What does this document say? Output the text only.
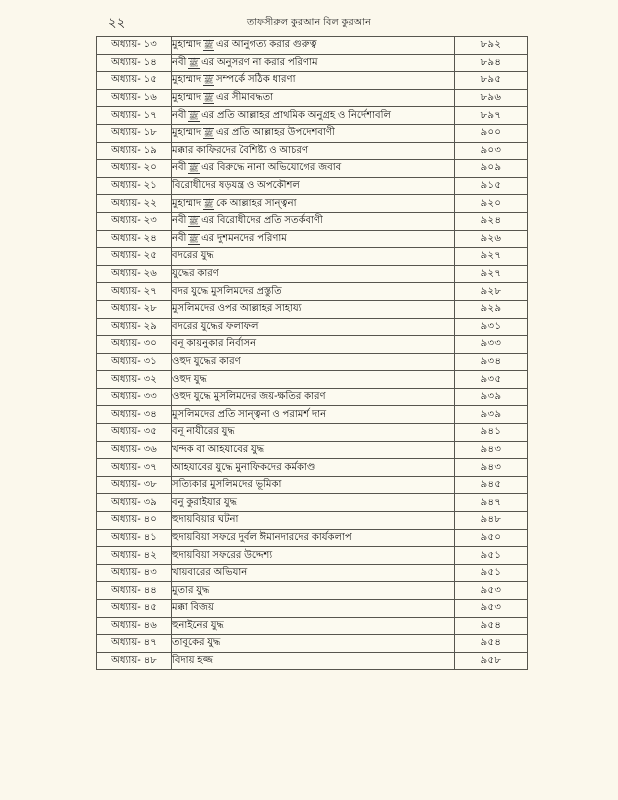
২২	তাফসীরুল কুরআন বিল কুরআন
অধ্যায়- ১৩	মুহাম্মাদ ﷺ এর আনুগত্য করার গুরুত্ব	৮৯২
অধ্যায়- ১৪	নবী ﷺ এর অনুসরণ না করার পরিণাম	৮৯৪
অধ্যায়- ১৫	মুহাম্মাদ ﷺ সম্পর্কে সঠিক ধারণা	৮৯৫
অধ্যায়- ১৬	মুহাম্মাদ ﷺ এর সীমাবদ্ধতা	৮৯৬
অধ্যায়- ১৭	নবী ﷺ এর প্রতি আল্লাহর প্রাথমিক অনুগ্রহ ও নির্দেশাবলি	৮৯৭
অধ্যায়- ১৮	মুহাম্মাদ ﷺ এর প্রতি আল্লাহর উপদেশবাণী	৯০০
অধ্যায়- ১৯	মক্কার কাফিরদের বৈশিষ্ট্য ও আচরণ	৯০৩
অধ্যায়- ২০	নবী ﷺ এর বিরুদ্ধে নানা অভিযোগের জবাব	৯০৯
অধ্যায়- ২১	বিরোধীদের ষড়যন্ত্র ও অপকৌশল	৯১৫
অধ্যায়- ২২	মুহাম্মাদ ﷺ কে আল্লাহর সান্ত্বনা	৯২০
অধ্যায়- ২৩	নবী ﷺ এর বিরোধীদের প্রতি সতর্কবাণী	৯২৪
অধ্যায়- ২৪	নবী ﷺ এর দুশমনদের পরিণাম	৯২৬
অধ্যায়- ২৫	বদরের যুদ্ধ	৯২৭
অধ্যায়- ২৬	যুদ্ধের কারণ	৯২৭
অধ্যায়- ২৭	বদর যুদ্ধে মুসলিমদের প্রস্তুতি	৯২৮
অধ্যায়- ২৮	মুসলিমদের ওপর আল্লাহর সাহায্য	৯২৯
অধ্যায়- ২৯	বদরের যুদ্ধের ফলাফল	৯৩১
অধ্যায়- ৩০	বনূ কায়নুকার নির্বাসন	৯৩৩
অধ্যায়- ৩১	ওহুদ যুদ্ধের কারণ	৯৩৪
অধ্যায়- ৩২	ওহুদ যুদ্ধ	৯৩৫
অধ্যায়- ৩৩	ওহুদ যুদ্ধে মুসলিমদের জয়-ক্ষতির কারণ	৯৩৯
অধ্যায়- ৩৪	মুসলিমদের প্রতি সান্ত্বনা ও পরামর্শ দান	৯৩৯
অধ্যায়- ৩৫	বনূ নাযীরের যুদ্ধ	৯৪১
অধ্যায়- ৩৬	খন্দক বা আহযাবের যুদ্ধ	৯৪৩
অধ্যায়- ৩৭	আহযাবের যুদ্ধে মুনাফিকদের কর্মকাণ্ড	৯৪৩
অধ্যায়- ৩৮	সত্যিকার মুসলিমদের ভূমিকা	৯৪৫
অধ্যায়- ৩৯	বনু কুরাইযার যুদ্ধ	৯৪৭
অধ্যায়- ৪০	হুদায়বিয়ার ঘটনা	৯৪৮
অধ্যায়- ৪১	হুদায়বিয়া সফরে দুর্বল ঈমানদারদের কার্যকলাপ	৯৫০
অধ্যায়- ৪২	হুদায়বিয়া সফরের উদ্দেশ্য	৯৫১
অধ্যায়- ৪৩	খায়বারের অভিযান	৯৫১
অধ্যায়- ৪৪	মুতার যুদ্ধ	৯৫৩
অধ্যায়- ৪৫	মক্কা বিজয়	৯৫৩
অধ্যায়- ৪৬	হুনাইনের যুদ্ধ	৯৫৪
অধ্যায়- ৪৭	তাবূকের যুদ্ধ	৯৫৪
অধ্যায়- ৪৮	বিদায় হজ্জ	৯৫৮
